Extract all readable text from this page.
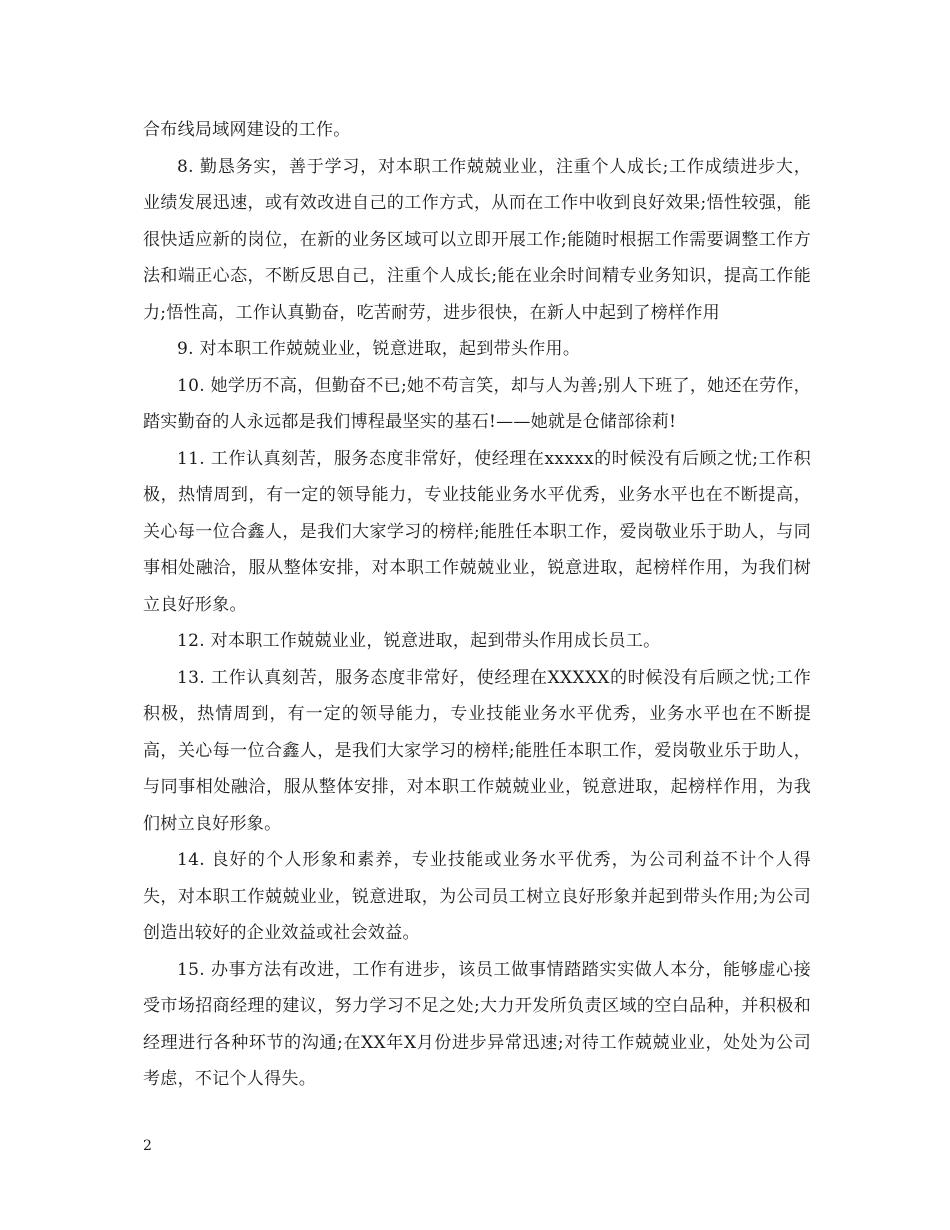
合布线局域网建设的工作。

8. 勤恳务实，善于学习，对本职工作兢兢业业，注重个人成长;工作成绩进步大，业绩发展迅速，或有效改进自己的工作方式，从而在工作中收到良好效果;悟性较强，能很快适应新的岗位，在新的业务区域可以立即开展工作;能随时根据工作需要调整工作方法和端正心态，不断反思自己，注重个人成长;能在业余时间精专业务知识，提高工作能力;悟性高，工作认真勤奋，吃苦耐劳，进步很快，在新人中起到了榜样作用

9. 对本职工作兢兢业业，锐意进取，起到带头作用。

10. 她学历不高，但勤奋不已;她不苟言笑，却与人为善;别人下班了，她还在劳作，踏实勤奋的人永远都是我们博程最坚实的基石!——她就是仓储部徐莉!

11. 工作认真刻苦，服务态度非常好，使经理在xxxxx的时候没有后顾之忧;工作积极，热情周到，有一定的领导能力，专业技能业务水平优秀，业务水平也在不断提高，关心每一位合鑫人，是我们大家学习的榜样;能胜任本职工作，爱岗敬业乐于助人，与同事相处融洽，服从整体安排，对本职工作兢兢业业，锐意进取，起榜样作用，为我们树立良好形象。

12. 对本职工作兢兢业业，锐意进取，起到带头作用成长员工。

13. 工作认真刻苦，服务态度非常好，使经理在XXXXX的时候没有后顾之忧;工作积极，热情周到，有一定的领导能力，专业技能业务水平优秀，业务水平也在不断提高，关心每一位合鑫人，是我们大家学习的榜样;能胜任本职工作，爱岗敬业乐于助人，与同事相处融洽，服从整体安排，对本职工作兢兢业业，锐意进取，起榜样作用，为我们树立良好形象。

14. 良好的个人形象和素养，专业技能或业务水平优秀，为公司利益不计个人得失，对本职工作兢兢业业，锐意进取，为公司员工树立良好形象并起到带头作用;为公司创造出较好的企业效益或社会效益。

15. 办事方法有改进，工作有进步，该员工做事情踏踏实实做人本分，能够虚心接受市场招商经理的建议，努力学习不足之处;大力开发所负责区域的空白品种，并积极和经理进行各种环节的沟通;在XX年X月份进步异常迅速;对待工作兢兢业业，处处为公司考虑，不记个人得失。

2
